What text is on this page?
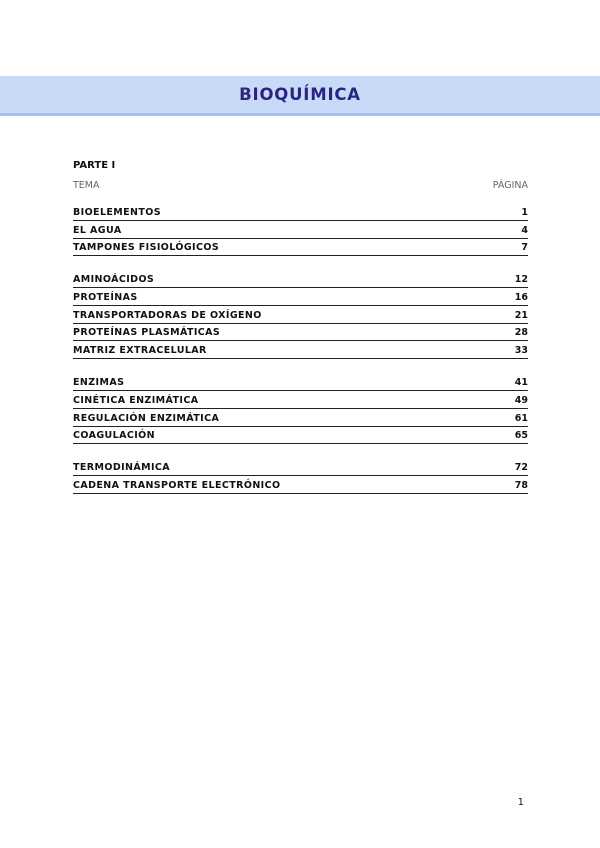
BIOQUÍMICA
PARTE I
TEMA	PÁGINA
BIOELEMENTOS	1
EL AGUA	4
TAMPONES FISIOLÓGICOS	7
AMINOÁCIDOS	12
PROTEÍNAS	16
TRANSPORTADORAS DE OXÍGENO	21
PROTEÍNAS PLASMÁTICAS	28
MATRIZ EXTRACELULAR	33
ENZIMAS	41
CINÉTICA ENZIMÁTICA	49
REGULACIÓN ENZIMÁTICA	61
COAGULACIÓN	65
TERMODINÁMICA	72
CADENA TRANSPORTE ELECTRÓNICO	78
1
